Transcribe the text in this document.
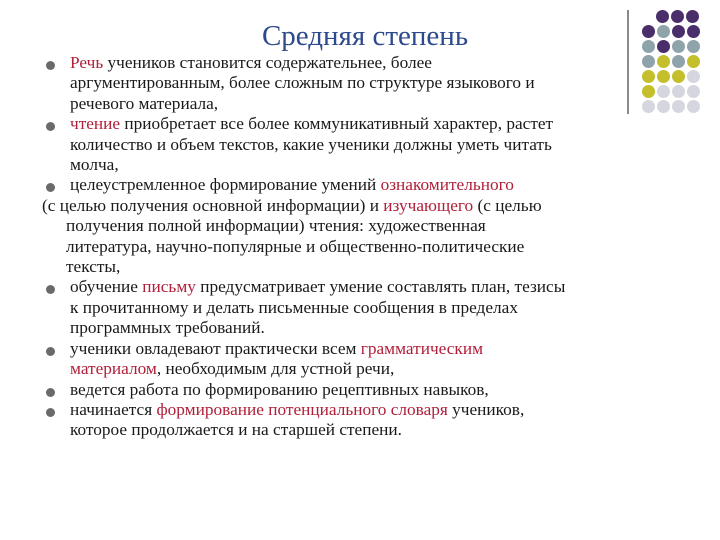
Средняя степень
Речь учеников становится содержательнее, более
аргументированным, более сложным по структуре языкового и
речевого материала,
чтение приобретает все более коммуникативный характер, растет
количество и объем текстов, какие ученики должны уметь читать
молча,
целеустремленное формирование умений ознакомительного
(с целью получения основной информации) и изучающего (с целью
получения полной информации) чтения: художественная
литература, научно-популярные и общественно-политические
тексты,
обучение письму предусматривает умение составлять план, тезисы
к прочитанному и делать письменные сообщения в пределах
программных требований.
ученики овладевают практически всем грамматическим
материалом, необходимым для устной речи,
ведется работа по формированию рецептивных навыков,
начинается формирование потенциального словаря учеников,
которое продолжается и на старшей степени.
